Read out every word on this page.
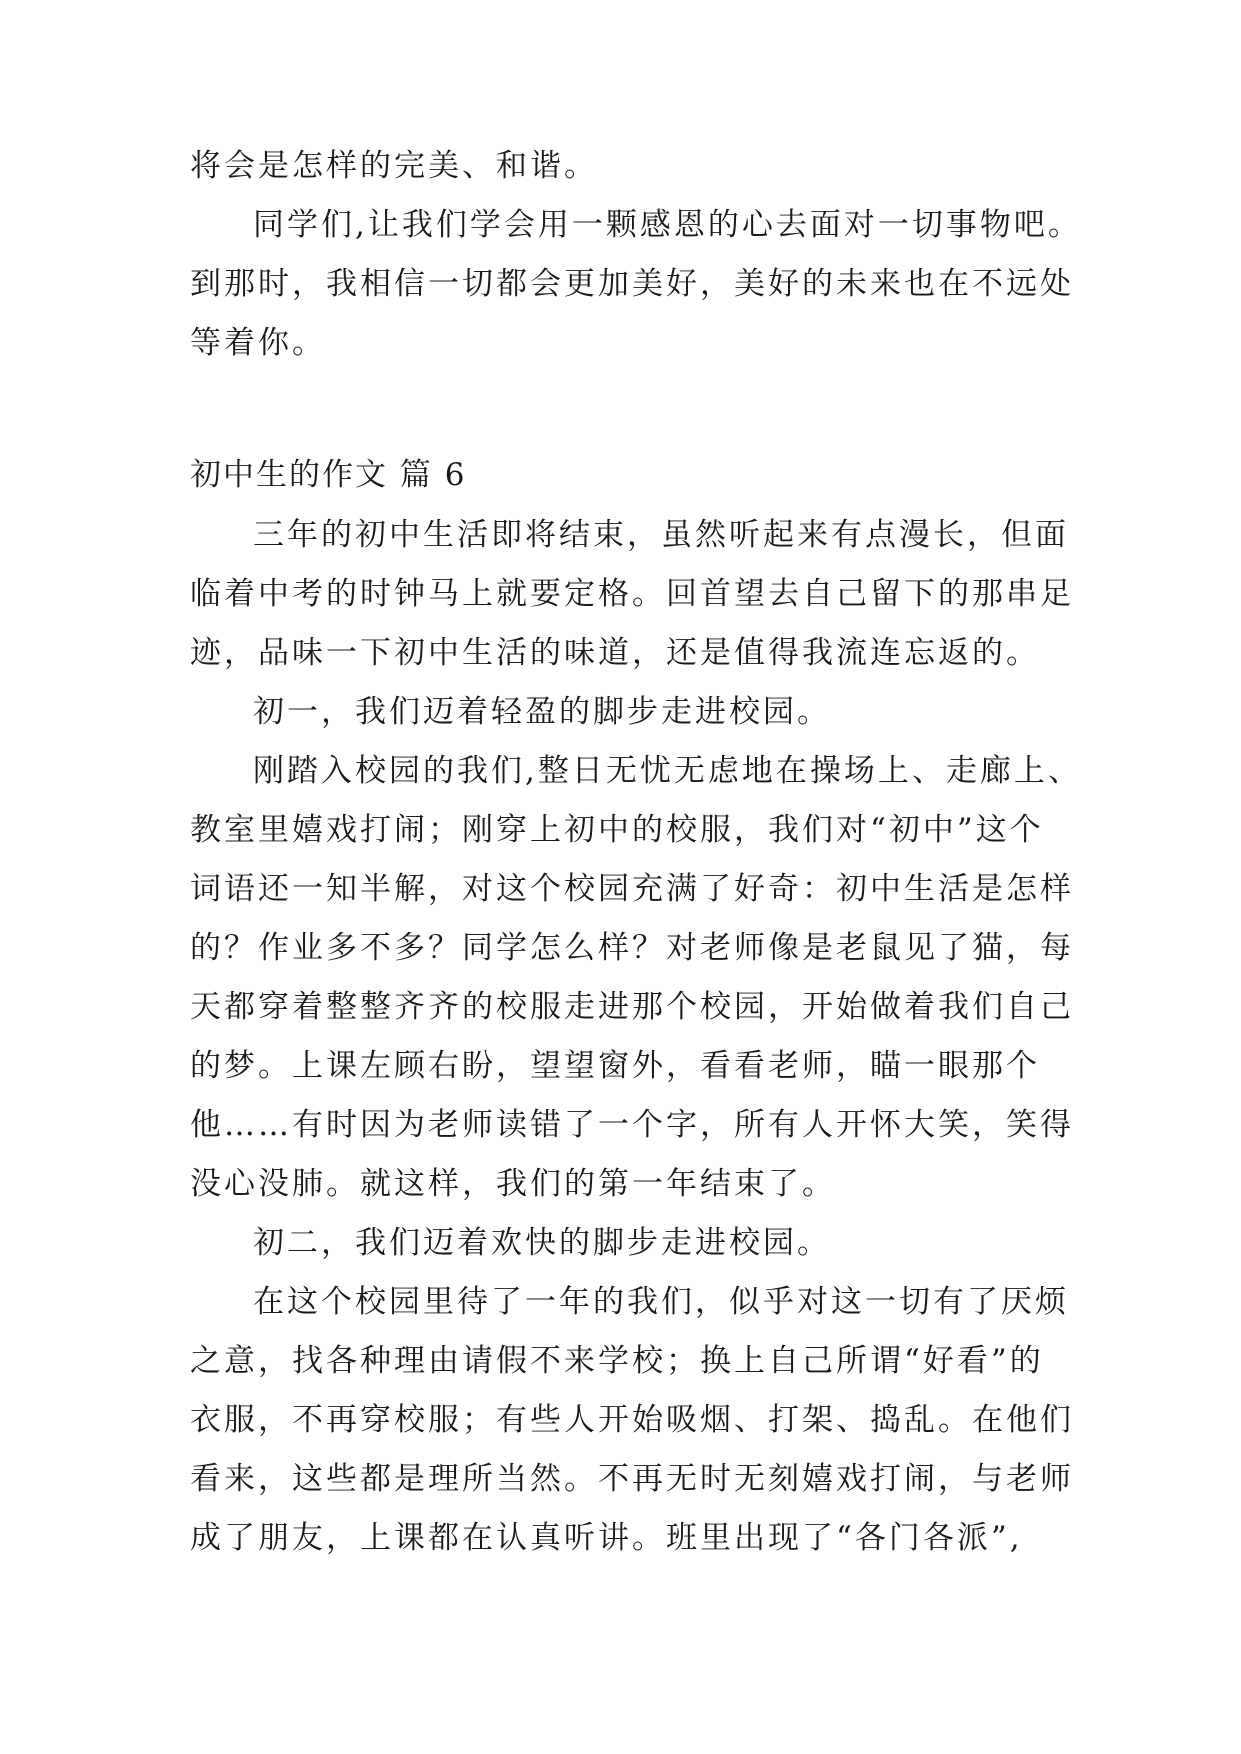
将会是怎样的完美、和谐。
同学们,让我们学会用一颗感恩的心去面对一切事物吧。
到那时，我相信一切都会更加美好，美好的未来也在不远处
等着你。
初中生的作文 篇 6
三年的初中生活即将结束，虽然听起来有点漫长，但面
临着中考的时钟马上就要定格。回首望去自己留下的那串足
迹，品味一下初中生活的味道，还是值得我流连忘返的。
初一，我们迈着轻盈的脚步走进校园。
刚踏入校园的我们,整日无忧无虑地在操场上、走廊上、
教室里嬉戏打闹；刚穿上初中的校服，我们对“初中”这个
词语还一知半解，对这个校园充满了好奇：初中生活是怎样
的？作业多不多？同学怎么样？对老师像是老鼠见了猫，每
天都穿着整整齐齐的校服走进那个校园，开始做着我们自己
的梦。上课左顾右盼，望望窗外，看看老师，瞄一眼那个
他……有时因为老师读错了一个字，所有人开怀大笑，笑得
没心没肺。就这样，我们的第一年结束了。
初二，我们迈着欢快的脚步走进校园。
在这个校园里待了一年的我们，似乎对这一切有了厌烦
之意，找各种理由请假不来学校；换上自己所谓“好看”的
衣服，不再穿校服；有些人开始吸烟、打架、捣乱。在他们
看来，这些都是理所当然。不再无时无刻嬉戏打闹，与老师
成了朋友，上课都在认真听讲。班里出现了“各门各派”,
